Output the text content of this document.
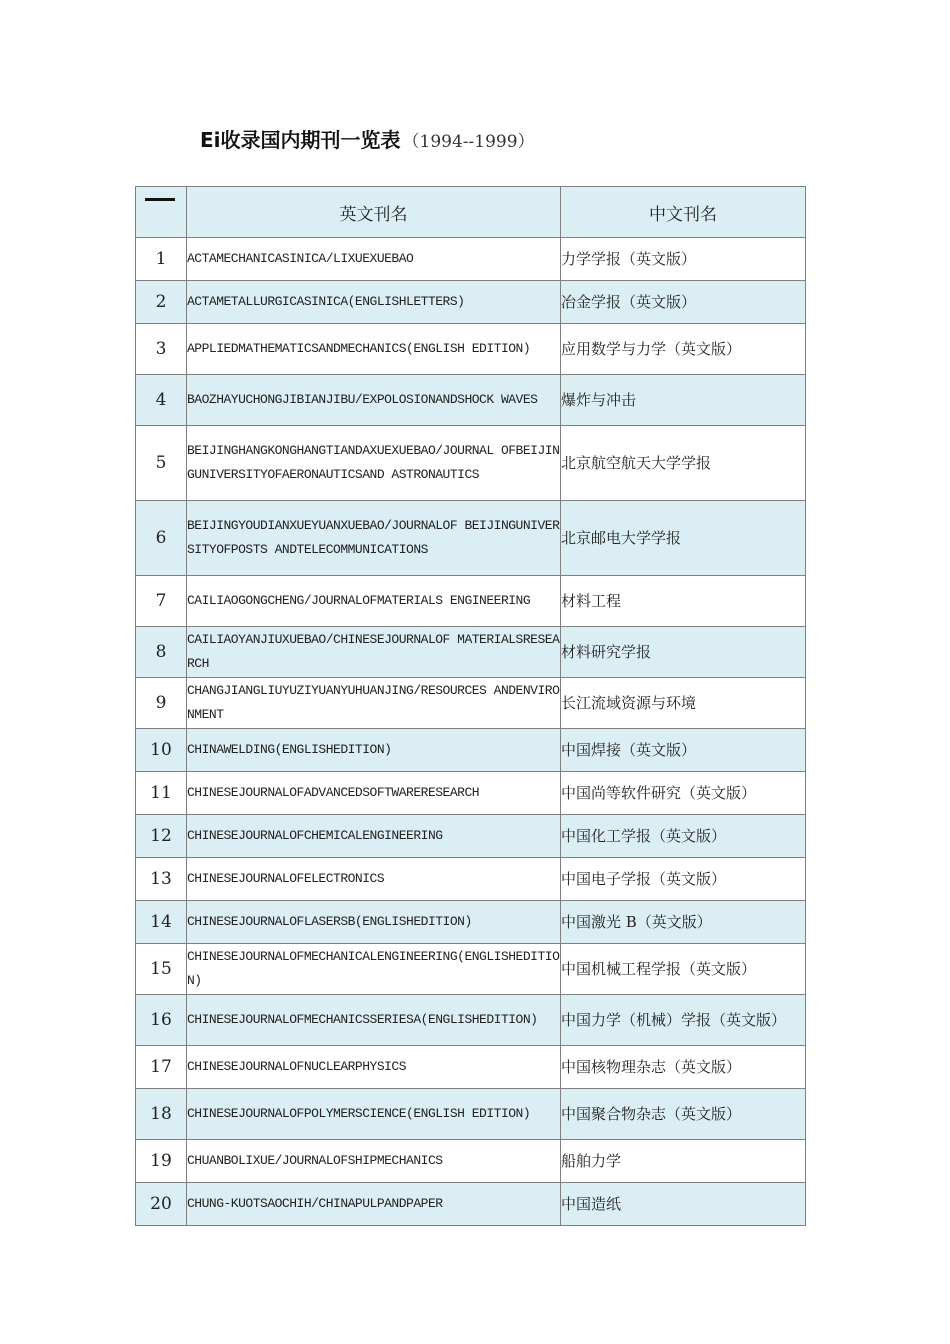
Ei收录国内期刊一览表 （1994--1999）
	英文刊名	中文刊名
1	ACTAMECHANICASINICA/LIXUEXUEBAO	力学学报（英文版）
2	ACTAMETALLURGICASINICA(ENGLISHLETTERS)	冶金学报（英文版）
3	APPLIEDMATHEMATICSANDMECHANICS(ENGLISH EDITION)	应用数学与力学（英文版）
4	BAOZHAYUCHONGJIBIANJIBU/EXPOLOSIONANDSHOCK WAVES	爆炸与冲击
5	BEIJINGHANGKONGHANGTIANDAXUEXUEBAO/JOURNAL OFBEIJINGUNIVERSITYOFAERONAUTICSAND ASTRONAUTICS	北京航空航天大学学报
6	BEIJINGYOUDIANXUEYUANXUEBAO/JOURNALOF BEIJINGUNIVERSITYOFPOSTS ANDTELECOMMUNICATIONS	北京邮电大学学报
7	CAILIAOGONGCHENG/JOURNALOFMATERIALS ENGINEERING	材料工程
8	CAILIAOYANJIUXUEBAO/CHINESEJOURNALOF MATERIALSRESEARCH	材料研究学报
9	CHANGJIANGLIUYUZIYUANYUHUANJING/RESOURCES ANDENVIRONMENT	长江流域资源与环境
10	CHINAWELDING(ENGLISHEDITION)	中国焊接（英文版）
11	CHINESEJOURNALOFADVANCEDSOFTWARERESEARCH	中国尚等软件研究（英文版）
12	CHINESEJOURNALOFCHEMICALENGINEERING	中国化工学报（英文版）
13	CHINESEJOURNALOFELECTRONICS	中国电子学报（英文版）
14	CHINESEJOURNALOFLASERSB(ENGLISHEDITION)	中国激光 B（英文版）
15	CHINESEJOURNALOFMECHANICALENGINEERING(ENGLISHEDITION)	中国机械工程学报（英文版）
16	CHINESEJOURNALOFMECHANICSSERIESA(ENGLISHEDITION)	中国力学（机械）学报（英文版）
17	CHINESEJOURNALOFNUCLEARPHYSICS	中国核物理杂志（英文版）
18	CHINESEJOURNALOFPOLYMERSCIENCE(ENGLISH EDITION)	中国聚合物杂志（英文版）
19	CHUANBOLIXUE/JOURNALOFSHIPMECHANICS	船舶力学
20	CHUNG-KUOTSAOCHIH/CHINAPULPANDPAPER	中国造纸
